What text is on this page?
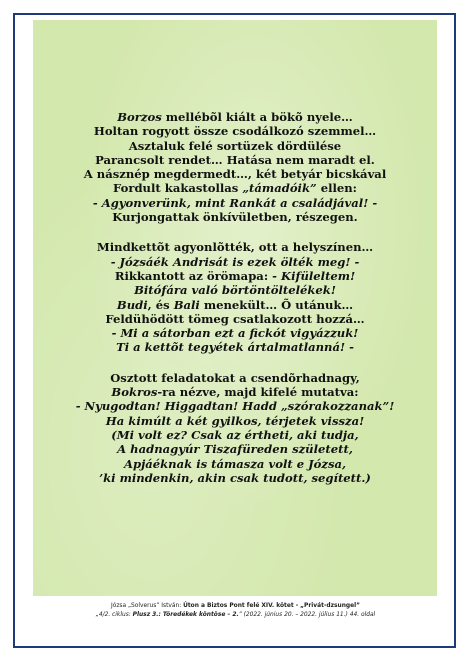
Borzos mellébõl kiált a bökõ nyele…
Holtan rogyott össze csodálkozó szemmel…
Asztaluk felé sortüzek dördülése
Parancsolt rendet… Hatása nem maradt el.
A násznép megdermedt…, két betyár bicskával
Fordult kakastollas „támadóik” ellen:
- Agyonverünk, mint Rankát a családjával! -
Kurjongattak önkívületben, részegen.
Mindkettõt agyonlõtték, ott a helyszínen…
- Józsáék Andrisát is ezek ölték meg! -
Rikkantott az örömapa: - Kifüleltem!
Bitófára való börtöntöltelékek!
Budi, és Bali menekült… Õ utánuk…
Feldühödött tömeg csatlakozott hozzá…
- Mi a sátorban ezt a fickót vigyázzuk!
Ti a kettõt tegyétek ártalmatlanná! -
Osztott feladatokat a csendõrhadnagy,
Bokros-ra nézve, majd kifelé mutatva:
- Nyugodtan! Higgadtan! Hadd „szórakozzanak”!
Ha kimúlt a két gyilkos, térjetek vissza!
(Mi volt ez? Csak az értheti, aki tudja,
A hadnagyúr Tiszafüreden született,
Apjáéknak is támasza volt e Józsa,
’ki mindenkin, akin csak tudott, segített.)
Józsa „Solverus” István: Úton a Biztos Pont felé XIV. kötet - „Privát-dzsungel”
„4/2. ciklus: Plusz 3.: Töredékek köntöse – 2.” (2022. június 20. – 2022. július 11.) 44. oldal
